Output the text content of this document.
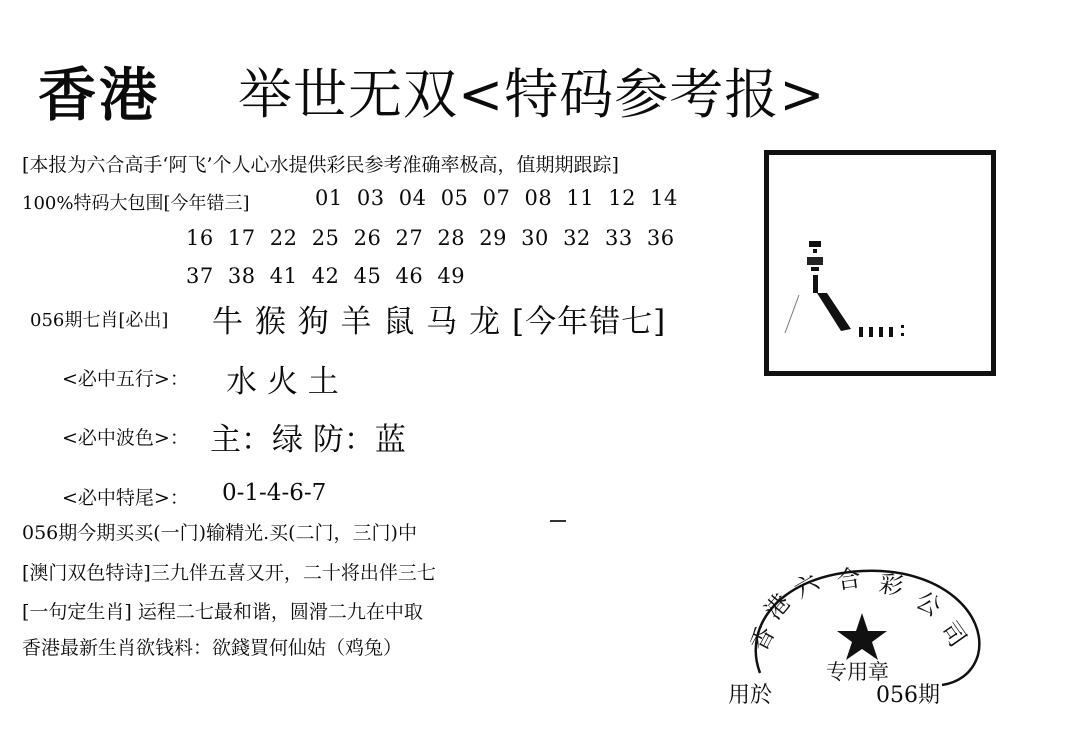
香港 举世无双<特码参考报>
[本报为六合高手‘阿飞’个人心水提供彩民参考准确率极高，值期期跟踪]
100%特码大包围[今年错三]	01 03 04 05 07 08 11 12 14
16 17 22 25 26 27 28 29 30 32 33 36
37 38 41 42 45 46 49
056期七肖[必出] 牛 猴 狗 羊 鼠 马 龙 [今年错七]
<必中五行>： 水 火 土
<必中波色>： 主：绿 防：蓝
<必中特尾>： 0-1-4-6-7
056期今期买买(一门)输精光.买(二门，三门)中
[澳门双色特诗]三九伴五喜又开，二十将出伴三七
[一句定生肖] 运程二七最和谐，圆滑二九在中取
香港最新生肖欲钱料：欲錢買何仙姑（鸡兔）	香
港
六 合 彩
公
司
专用章
用於	056期
